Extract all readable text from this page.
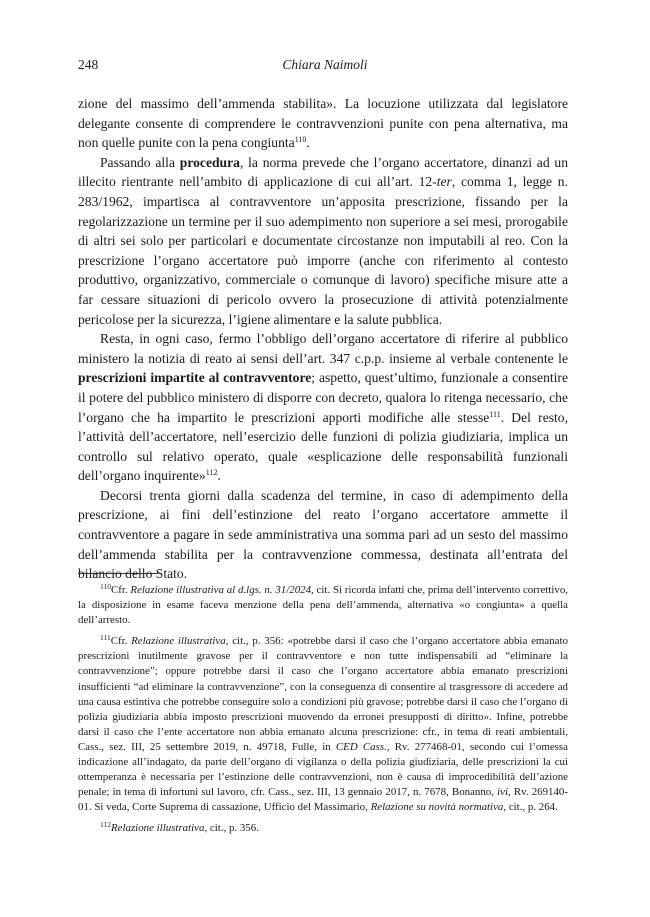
248	Chiara Naimoli

zione del massimo dell’ammenda stabilita». La locuzione utilizzata dal legislatore delegante consente di comprendere le contravvenzioni punite con pena alternativa, ma non quelle punite con la pena congiunta$^{110}$.

Passando alla procedura, la norma prevede che l’organo accertatore, dinanzi ad un illecito rientrante nell’ambito di applicazione di cui all’art. 12-ter, comma 1, legge n. 283/1962, impartisca al contravventore un’apposita prescrizione, fissando per la regolarizzazione un termine per il suo adempimento non superiore a sei mesi, prorogabile di altri sei solo per particolari e documentate circostanze non imputabili al reo. Con la prescrizione l’organo accertatore può imporre (anche con riferimento al contesto produttivo, organizzativo, commerciale o comunque di lavoro) specifiche misure atte a far cessare situazioni di pericolo ovvero la prosecuzione di attività potenzialmente pericolose per la sicurezza, l’igiene alimentare e la salute pubblica.

Resta, in ogni caso, fermo l’obbligo dell’organo accertatore di riferire al pubblico ministero la notizia di reato ai sensi dell’art. 347 c.p.p. insieme al verbale contenente le prescrizioni impartite al contravventore; aspetto, quest’ultimo, funzionale a consentire il potere del pubblico ministero di disporre con decreto, qualora lo ritenga necessario, che l’organo che ha impartito le prescrizioni apporti modifiche alle stesse$^{111}$. Del resto, l’attività dell’accertatore, nell’esercizio delle funzioni di polizia giudiziaria, implica un controllo sul relativo operato, quale «esplicazione delle responsabilità funzionali dell’organo inquirente»$^{112}$.

Decorsi trenta giorni dalla scadenza del termine, in caso di adempimento della prescrizione, ai fini dell’estinzione del reato l’organo accertatore ammette il contravventore a pagare in sede amministrativa una somma pari ad un sesto del massimo dell’ammenda stabilita per la contravvenzione commessa, destinata all’entrata del bilancio dello Stato.

$^{110}$Cfr. Relazione illustrativa al d.lgs. n. 31/2024, cit. Si ricorda infatti che, prima dell’intervento correttivo, la disposizione in esame faceva menzione della pena dell’ammenda, alternativa «o congiunta» a quella dell’arresto.

$^{111}$Cfr. Relazione illustrativa, cit., p. 356: «potrebbe darsi il caso che l’organo accertatore abbia emanato prescrizioni inutilmente gravose per il contravventore e non tutte indispensabili ad “eliminare la contravvenzione”; oppure potrebbe darsi il caso che l’organo accertatore abbia emanato prescrizioni insufficienti “ad eliminare la contravvenzione”, con la conseguenza di consentire al trasgressore di accedere ad una causa estintiva che potrebbe conseguire solo a condizioni più gravose; potrebbe darsi il caso che l’organo di polizia giudiziaria abbia imposto prescrizioni muovendo da erronei presupposti di diritto». Infine, potrebbe darsi il caso che l’ente accertatore non abbia emanato alcuna prescrizione: cfr., in tema di reati ambientali, Cass., sez. III, 25 settembre 2019, n. 49718, Fulle, in CED Cass., Rv. 277468-01, secondo cui l’omessa indicazione all’indagato, da parte dell’organo di vigilanza o della polizia giudiziaria, delle prescrizioni la cui ottemperanza è necessaria per l’estinzione delle contravvenzioni, non è causa di improcedibilità dell’azione penale; in tema di infortuni sul lavoro, cfr. Cass., sez. III, 13 gennaio 2017, n. 7678, Bonanno, ivi, Rv. 269140-01. Si veda, Corte Suprema di cassazione, Ufficio del Massimario, Relazione su novità normativa, cit., p. 264.

$^{112}$Relazione illustrativa, cit., p. 356.
